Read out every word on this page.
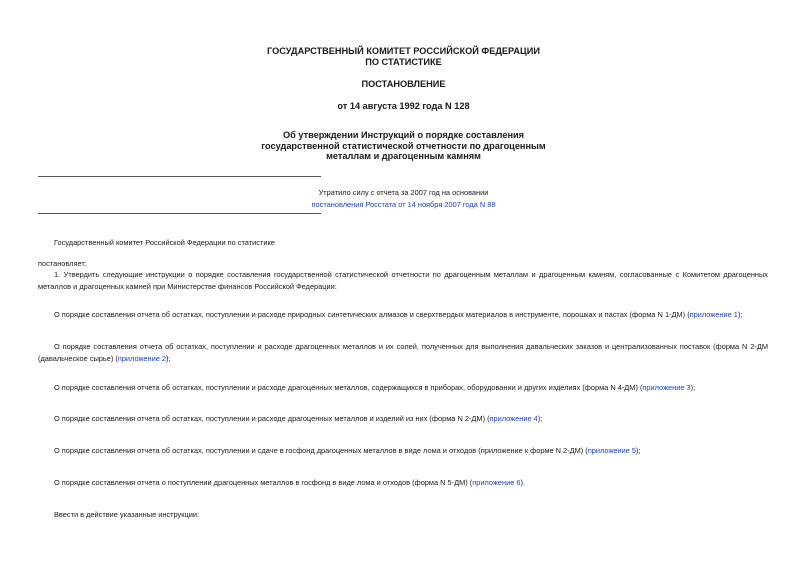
ГОСУДАРСТВЕННЫЙ КОМИТЕТ РОССИЙСКОЙ ФЕДЕРАЦИИ
ПО СТАТИСТИКЕ
ПОСТАНОВЛЕНИЕ
от 14 августа 1992 года N 128
Об утверждении Инструкций о порядке составления
государственной статистической отчетности по драгоценным
металлам и драгоценным камням
Утратило силу с отчета за 2007 год на основании
постановления Росстата от 14 ноября 2007 года N 88
Государственный комитет Российской Федерации по статистике
постановляет:
1. Утвердить следующие инструкции о порядке составления государственной статистической отчетности по драгоценным металлам и драгоценным камням, согласованные с Комитетом драгоценных металлов и драгоценных камней при Министерстве финансов Российской Федерации:
О порядке составления отчета об остатках, поступлении и расходе природных синтетических алмазов и сверхтвердых материалов в инструменте, порошках и пастах (форма N 1-ДМ) (приложение 1);
О порядке составления отчета об остатках, поступлении и расходе драгоценных металлов и их солей, полученных для выполнения давальческих заказов и централизованных поставок (форма N 2-ДМ (давальческое сырье) (приложение 2);
О порядке составления отчета об остатках, поступлении и расходе драгоценных металлов, содержащихся в приборах, оборудовании и других изделиях (форма N 4-ДМ) (приложение 3);
О порядке составления отчета об остатках, поступлении и расходе драгоценных металлов и изделий из них (форма N 2-ДМ) (приложение 4);
О порядке составления отчета об остатках, поступлении и сдаче в госфонд драгоценных металлов в виде лома и отходов (приложение к форме N 2-ДМ) (приложение 5);
О порядке составления отчета о поступлении драгоценных металлов в госфонд в виде лома и отходов (форма N 5-ДМ) (приложение 6).
Ввести в действие указанные инструкции:
